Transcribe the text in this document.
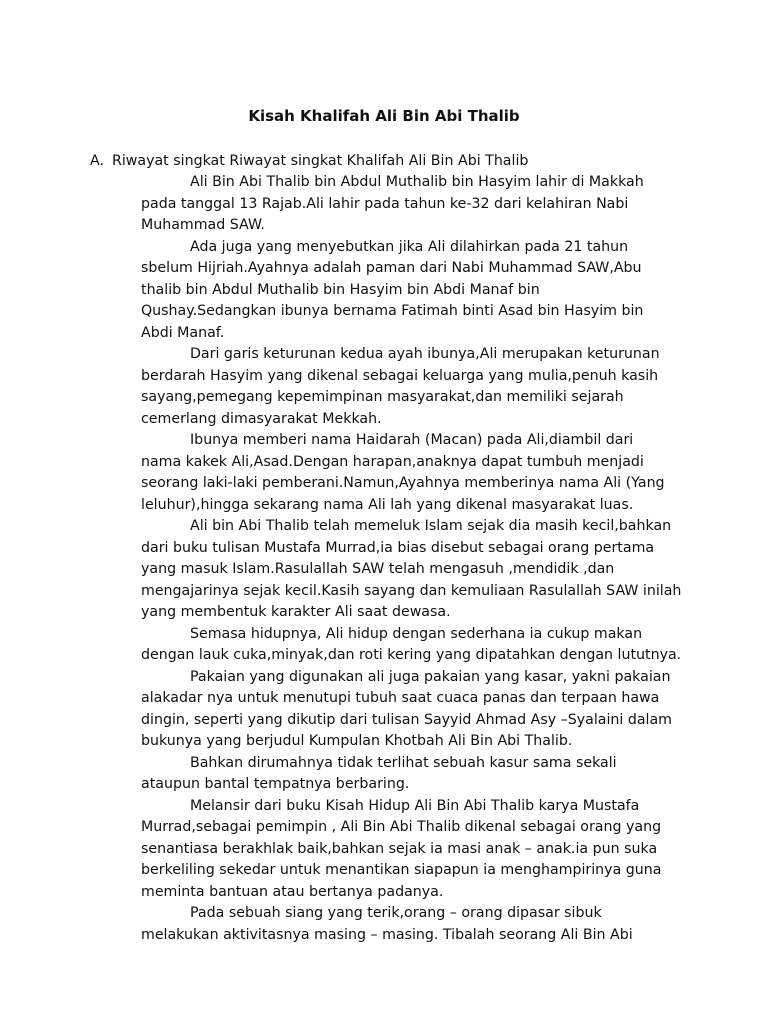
Kisah Khalifah Ali Bin Abi Thalib
A. Riwayat singkat Riwayat singkat Khalifah Ali Bin Abi Thalib

Ali Bin Abi Thalib bin Abdul Muthalib bin Hasyim lahir di Makkah
pada tanggal 13 Rajab.Ali lahir pada tahun ke-32 dari kelahiran Nabi
Muhammad SAW.

Ada juga yang menyebutkan jika Ali dilahirkan pada 21 tahun
sbelum Hijriah.Ayahnya adalah paman dari Nabi Muhammad SAW,Abu
thalib bin Abdul Muthalib bin Hasyim bin Abdi Manaf bin
Qushay.Sedangkan ibunya bernama Fatimah binti Asad bin Hasyim bin
Abdi Manaf.

Dari garis keturunan kedua ayah ibunya,Ali merupakan keturunan
berdarah Hasyim yang dikenal sebagai keluarga yang mulia,penuh kasih
sayang,pemegang kepemimpinan masyarakat,dan memiliki sejarah
cemerlang dimasyarakat Mekkah.

Ibunya memberi nama Haidarah (Macan) pada Ali,diambil dari
nama kakek Ali,Asad.Dengan harapan,anaknya dapat tumbuh menjadi
seorang laki-laki pemberani.Namun,Ayahnya memberinya nama Ali (Yang
leluhur),hingga sekarang nama Ali lah yang dikenal masyarakat luas.

Ali bin Abi Thalib telah memeluk Islam sejak dia masih kecil,bahkan
dari buku tulisan Mustafa Murrad,ia bias disebut sebagai orang pertama
yang masuk Islam.Rasulallah SAW telah mengasuh ,mendidik ,dan
mengajarinya sejak kecil.Kasih sayang dan kemuliaan Rasulallah SAW inilah
yang membentuk karakter Ali saat dewasa.

Semasa hidupnya, Ali hidup dengan sederhana ia cukup makan
dengan lauk cuka,minyak,dan roti kering yang dipatahkan dengan lututnya.

Pakaian yang digunakan ali juga pakaian yang kasar, yakni pakaian
alakadar nya untuk menutupi tubuh saat cuaca panas dan terpaan hawa
dingin, seperti yang dikutip dari tulisan Sayyid Ahmad Asy –Syalaini dalam
bukunya yang berjudul Kumpulan Khotbah Ali Bin Abi Thalib.

Bahkan dirumahnya tidak terlihat sebuah kasur sama sekali
ataupun bantal tempatnya berbaring.

Melansir dari buku Kisah Hidup Ali Bin Abi Thalib karya Mustafa
Murrad,sebagai pemimpin , Ali Bin Abi Thalib dikenal sebagai orang yang
senantiasa berakhlak baik,bahkan sejak ia masi anak – anak.ia pun suka
berkeliling sekedar untuk menantikan siapapun ia menghampirinya guna
meminta bantuan atau bertanya padanya.

Pada sebuah siang yang terik,orang – orang dipasar sibuk
melakukan aktivitasnya masing – masing. Tibalah seorang Ali Bin Abi
